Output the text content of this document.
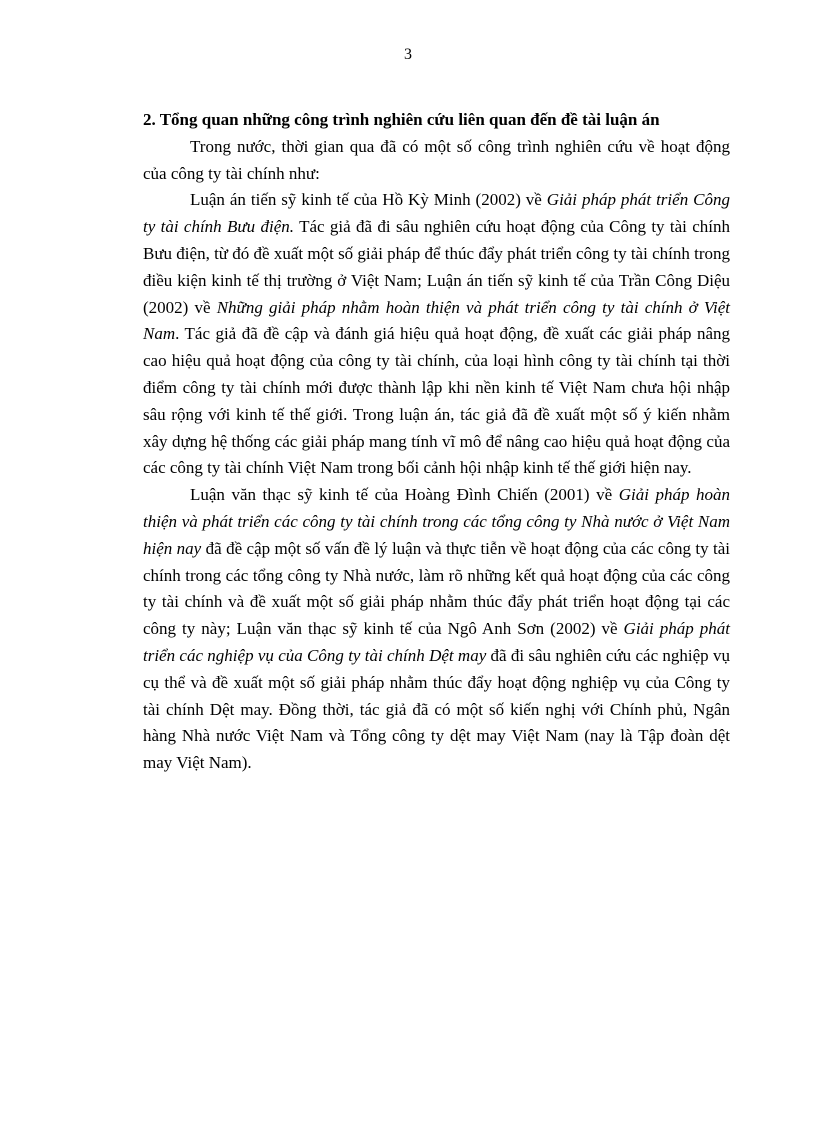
3

2. Tổng quan những công trình nghiên cứu liên quan đến đề tài luận án

Trong nước, thời gian qua đã có một số công trình nghiên cứu về hoạt động của công ty tài chính như:

Luận án tiến sỹ kinh tế của Hồ Kỳ Minh (2002) về Giải pháp phát triển Công ty tài chính Bưu điện. Tác giả đã đi sâu nghiên cứu hoạt động của Công ty tài chính Bưu điện, từ đó đề xuất một số giải pháp để thúc đẩy phát triển công ty tài chính trong điều kiện kinh tế thị trường ở Việt Nam; Luận án tiến sỹ kinh tế của Trần Công Diệu (2002) về Những giải pháp nhằm hoàn thiện và phát triển công ty tài chính ở Việt Nam. Tác giả đã đề cập và đánh giá hiệu quả hoạt động, đề xuất các giải pháp nâng cao hiệu quả hoạt động của công ty tài chính, của loại hình công ty tài chính tại thời điểm công ty tài chính mới được thành lập khi nền kinh tế Việt Nam chưa hội nhập sâu rộng với kinh tế thế giới. Trong luận án, tác giả đã đề xuất một số ý kiến nhằm xây dựng hệ thống các giải pháp mang tính vĩ mô để nâng cao hiệu quả hoạt động của các công ty tài chính Việt Nam trong bối cảnh hội nhập kinh tế thế giới hiện nay.

Luận văn thạc sỹ kinh tế của Hoàng Đình Chiến (2001) về Giải pháp hoàn thiện và phát triển các công ty tài chính trong các tổng công ty Nhà nước ở Việt Nam hiện nay đã đề cập một số vấn đề lý luận và thực tiễn về hoạt động của các công ty tài chính trong các tổng công ty Nhà nước, làm rõ những kết quả hoạt động của các công ty tài chính và đề xuất một số giải pháp nhằm thúc đẩy phát triển hoạt động tại các công ty này; Luận văn thạc sỹ kinh tế của Ngô Anh Sơn (2002) về Giải pháp phát triển các nghiệp vụ của Công ty tài chính Dệt may đã đi sâu nghiên cứu các nghiệp vụ cụ thể và đề xuất một số giải pháp nhằm thúc đẩy hoạt động nghiệp vụ của Công ty tài chính Dệt may. Đồng thời, tác giả đã có một số kiến nghị với Chính phủ, Ngân hàng Nhà nước Việt Nam và Tổng công ty dệt may Việt Nam (nay là Tập đoàn dệt may Việt Nam).
